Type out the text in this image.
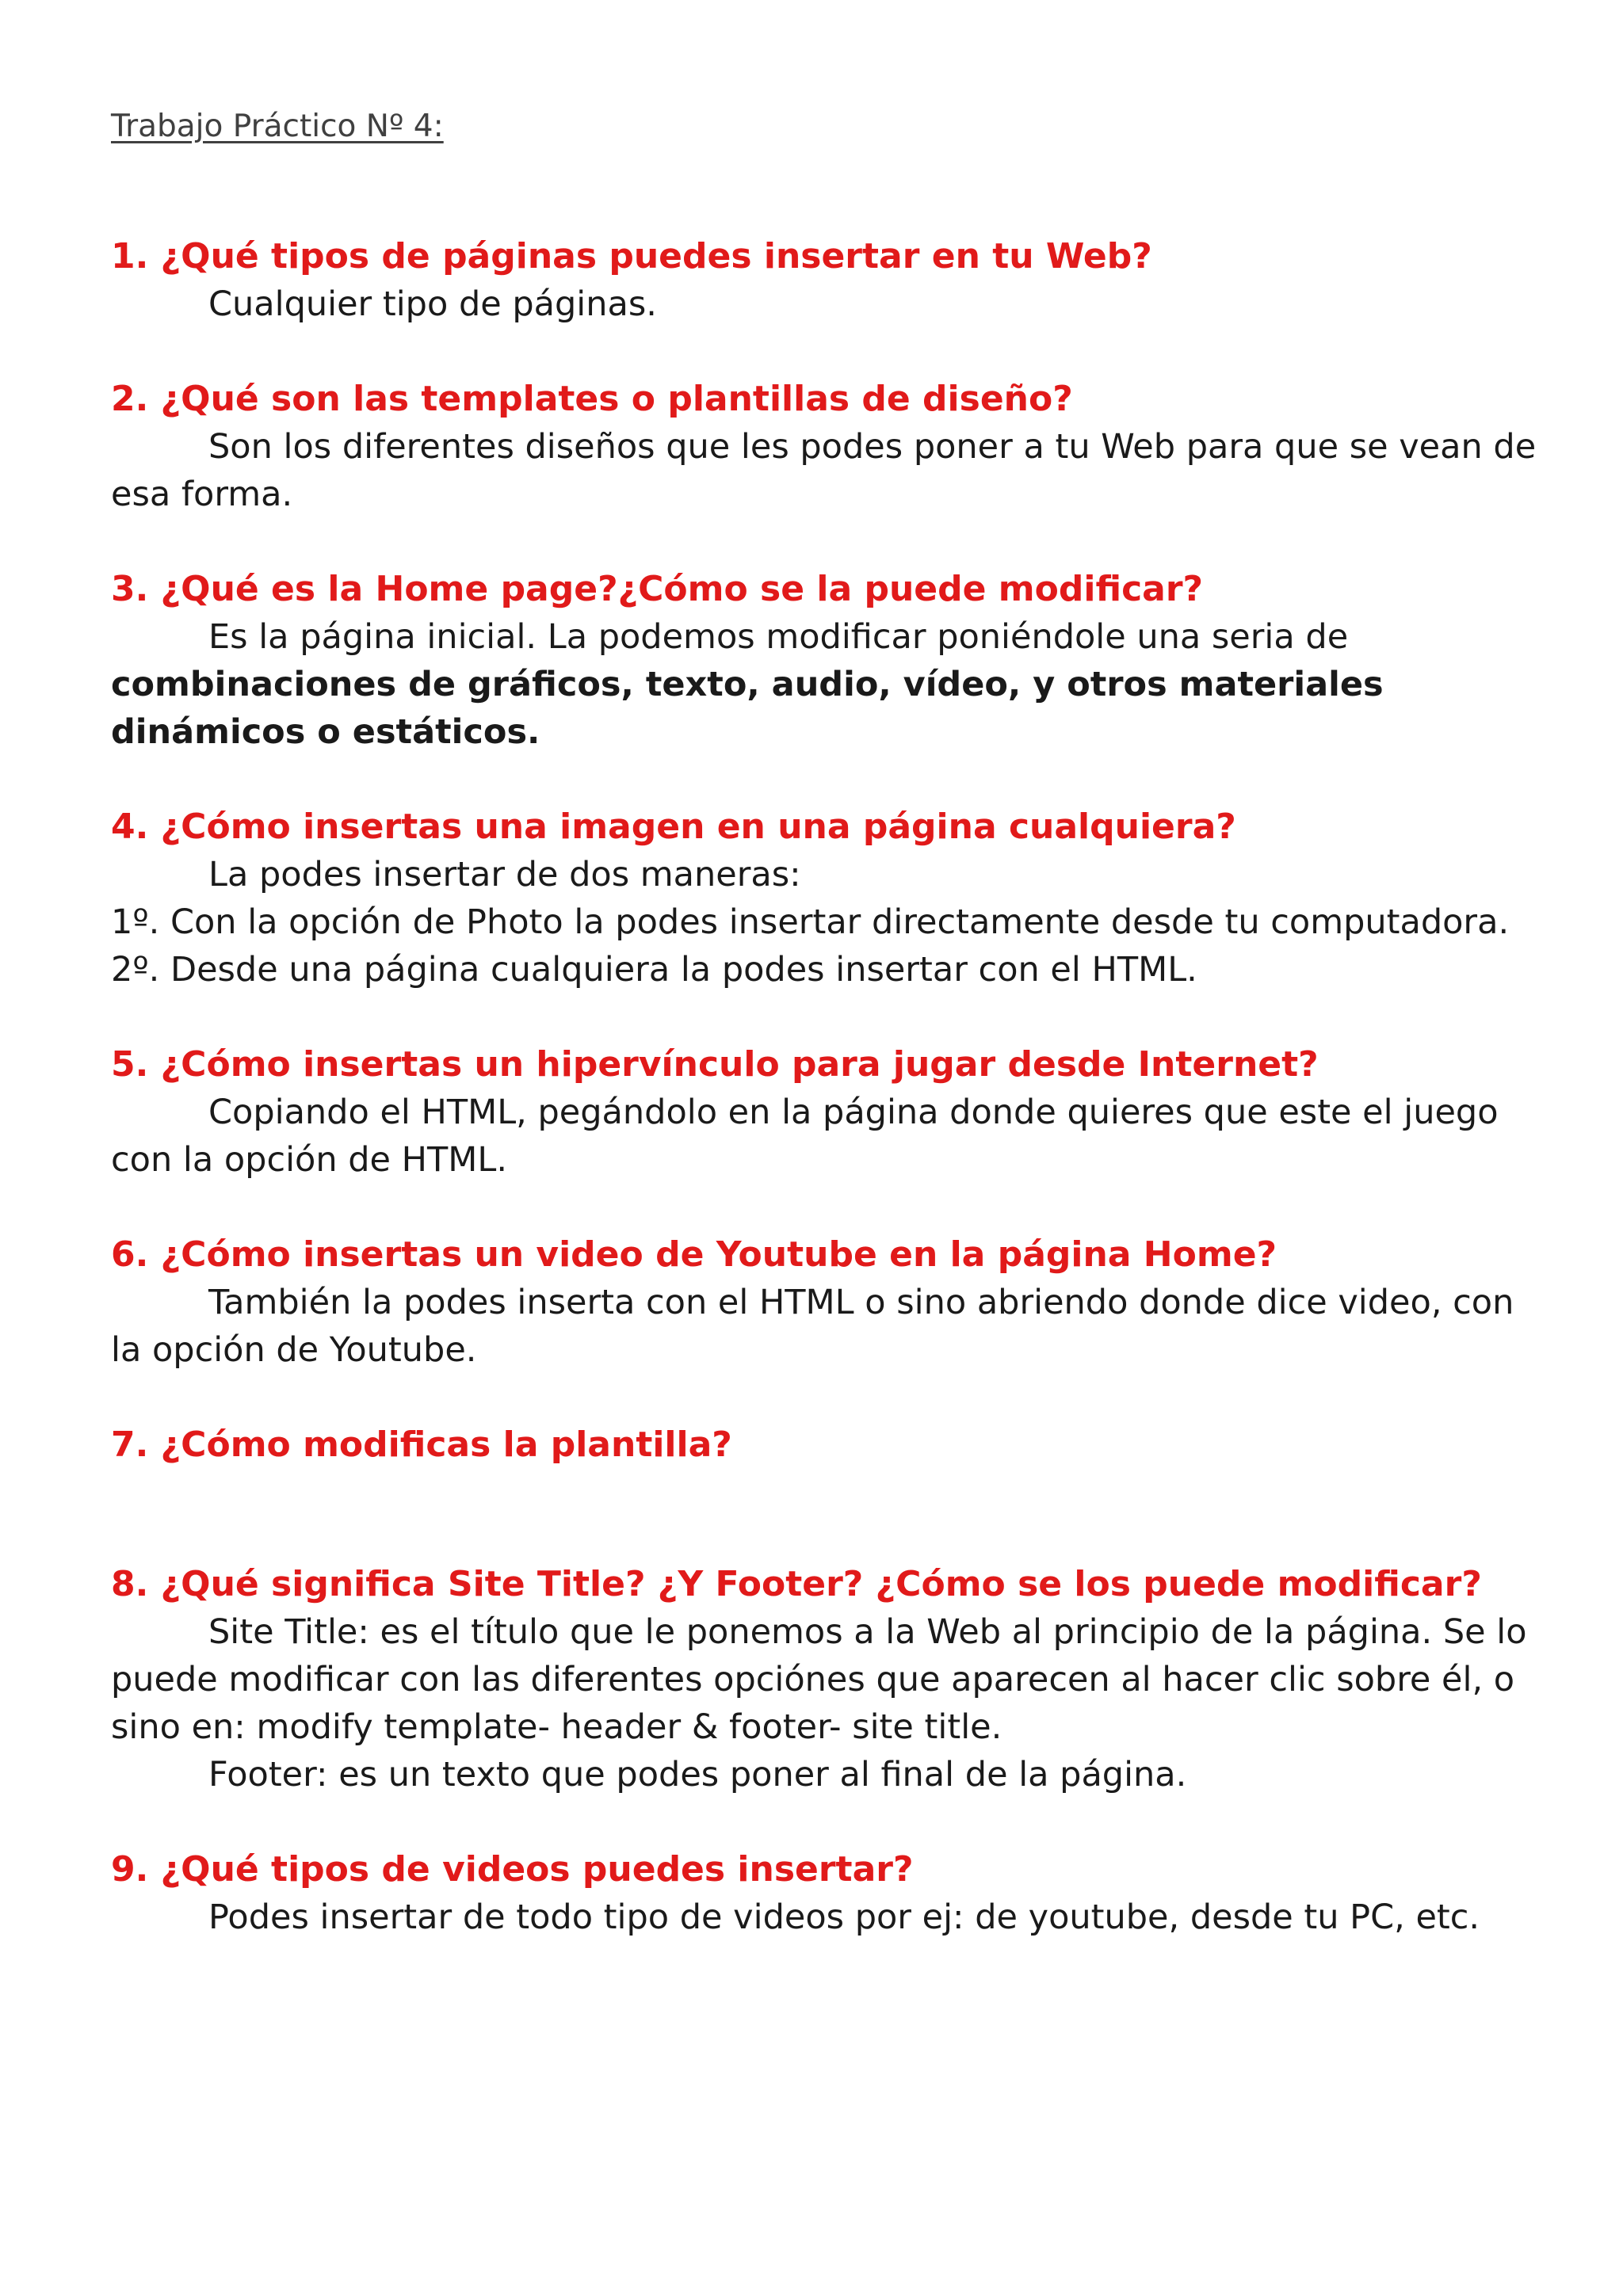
Trabajo Práctico Nº 4:

1. ¿Qué tipos de páginas puedes insertar en tu Web?

Cualquier tipo de páginas.

2. ¿Qué son las templates o plantillas de diseño?

Son los diferentes diseños que les podes poner a tu Web para que se vean de esa forma.

3. ¿Qué es la Home page?¿Cómo se la puede modificar?

Es la página inicial. La podemos modificar poniéndole una seria de combinaciones de gráficos, texto, audio, vídeo, y otros materiales dinámicos o estáticos.

4. ¿Cómo insertas una imagen en una página cualquiera?

La podes insertar de dos maneras:

1º. Con la opción de Photo la podes insertar directamente desde tu computadora.

2º. Desde una página cualquiera la podes insertar con el HTML.

5. ¿Cómo insertas un hipervínculo para jugar desde Internet?

Copiando el HTML, pegándolo en la página donde quieres que este el juego con la opción de HTML.

6. ¿Cómo insertas un video de Youtube en la página Home?

También la podes inserta con el HTML o sino abriendo donde dice video, con la opción de Youtube.

7. ¿Cómo modificas la plantilla?

8. ¿Qué significa Site Title? ¿Y Footer? ¿Cómo se los puede modificar?

Site Title: es el título que le ponemos a la Web al principio de la página. Se lo puede modificar con las diferentes opciónes que aparecen al hacer clic sobre él, o sino en: modify template- header & footer- site title.

Footer: es un texto que podes poner al final de la página.

9. ¿Qué tipos de videos puedes insertar?

Podes insertar de todo tipo de videos por ej: de youtube, desde tu PC, etc.
